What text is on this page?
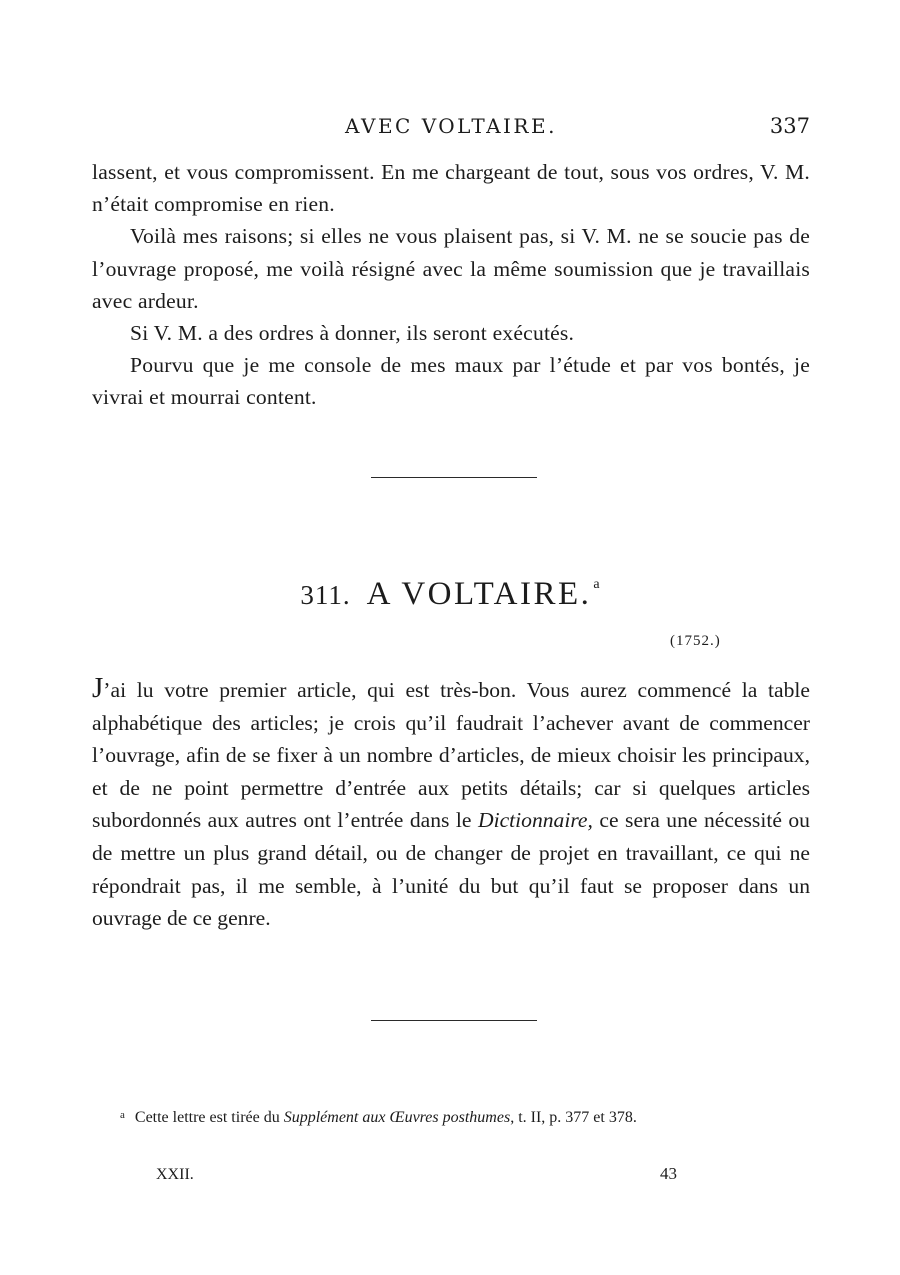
AVEC VOLTAIRE.	337

lassent, et vous compromissent. En me chargeant de tout, sous vos ordres, V. M. n’était compromise en rien.

Voilà mes raisons; si elles ne vous plaisent pas, si V. M. ne se soucie pas de l’ouvrage proposé, me voilà résigné avec la même soumission que je travaillais avec ardeur.

Si V. M. a des ordres à donner, ils seront exécutés.

Pourvu que je me console de mes maux par l’étude et par vos bontés, je vivrai et mourrai content.

311. A VOLTAIRE. $^a$
(1752.)

J’ai lu votre premier article, qui est très-bon. Vous aurez commencé la table alphabétique des articles; je crois qu’il faudrait l’achever avant de commencer l’ouvrage, afin de se fixer à un nombre d’articles, de mieux choisir les principaux, et de ne point permettre d’entrée aux petits détails; car si quelques articles subordonnés aux autres ont l’entrée dans le Dictionnaire, ce sera une nécessité ou de mettre un plus grand détail, ou de changer de projet en travaillant, ce qui ne répondrait pas, il me semble, à l’unité du but qu’il faut se proposer dans un ouvrage de ce genre.

$^a$ Cette lettre est tirée du Supplément aux Œuvres posthumes, t. II, p. 377 et 378.
XXII.	43
